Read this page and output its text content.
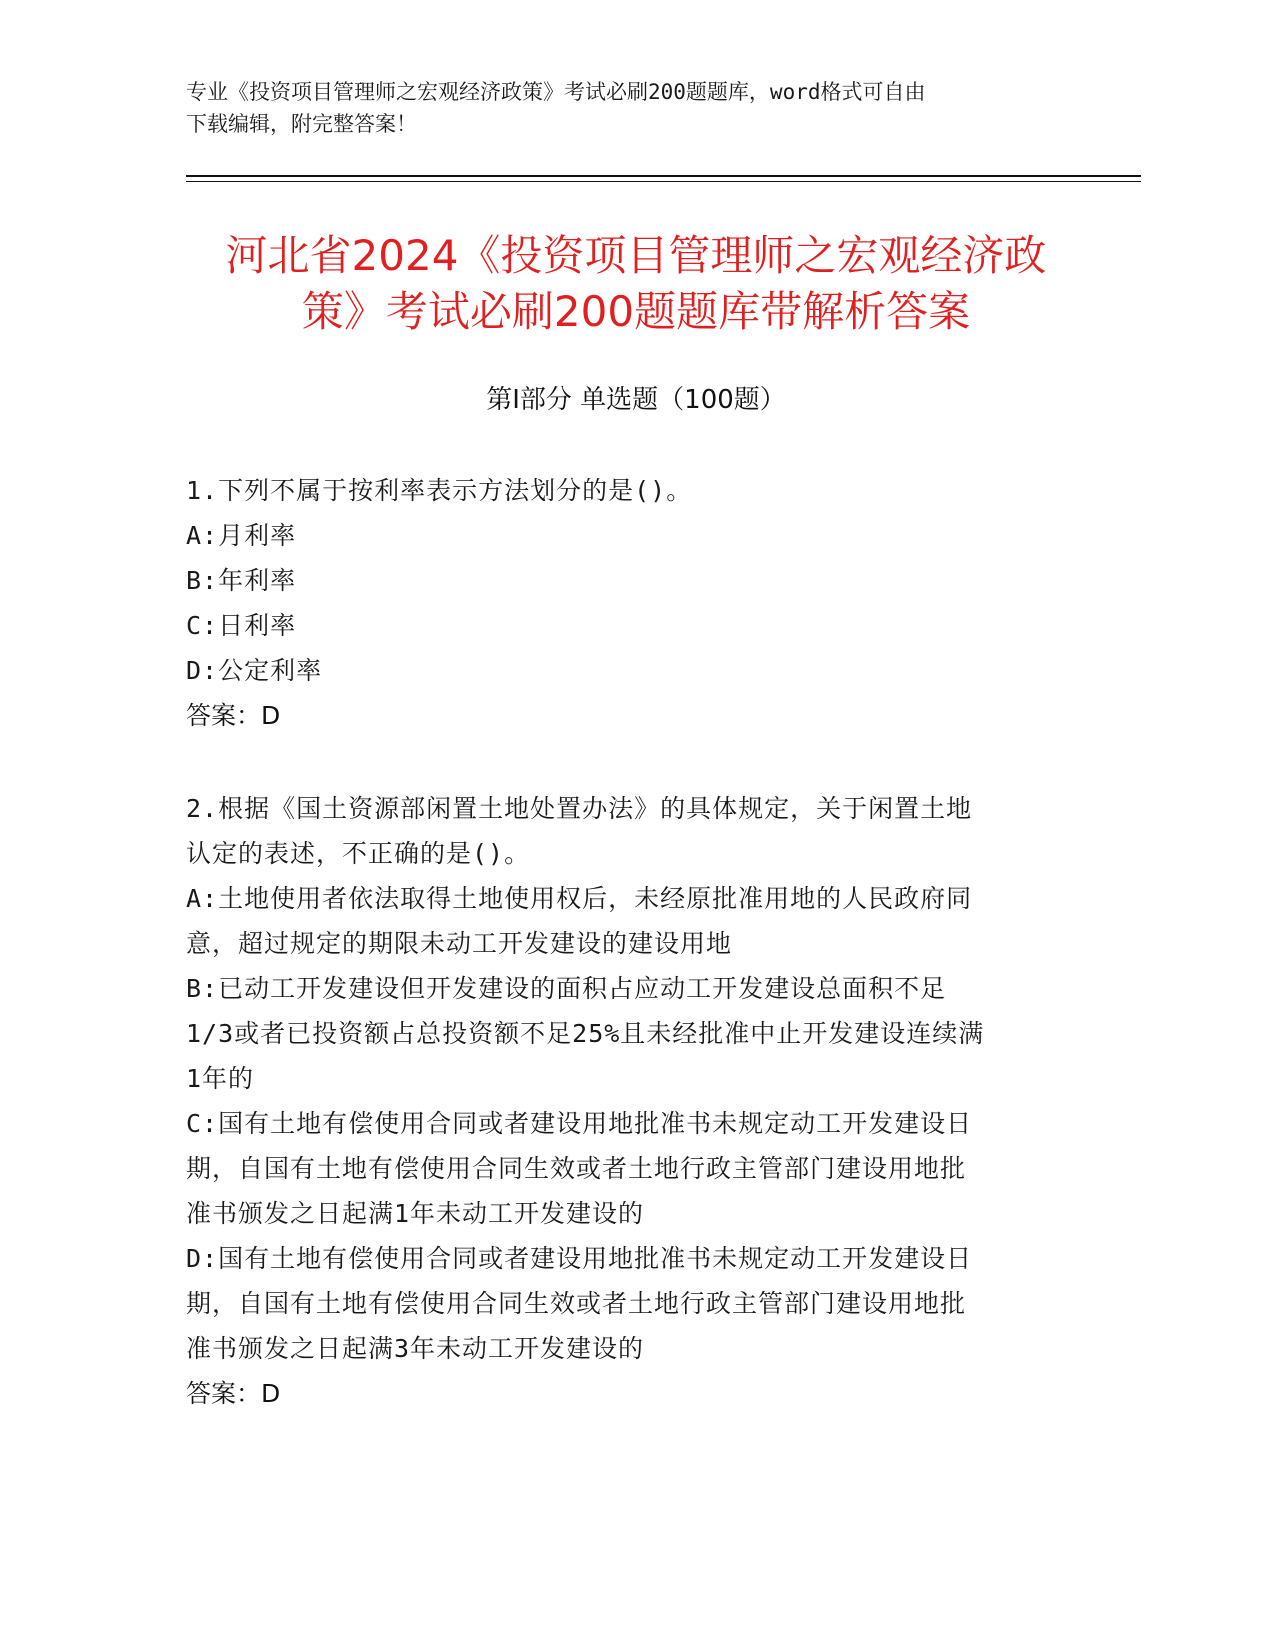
专业《投资项目管理师之宏观经济政策》考试必刷200题题库，word格式可自由
下载编辑，附完整答案！
河北省2024《投资项目管理师之宏观经济政
策》考试必刷200题题库带解析答案
第I部分 单选题（100题）
1.下列不属于按利率表示方法划分的是()。
A:月利率
B:年利率
C:日利率
D:公定利率
答案：D
2.根据《国土资源部闲置土地处置办法》的具体规定，关于闲置土地
认定的表述，不正确的是()。
A:土地使用者依法取得土地使用权后，未经原批准用地的人民政府同
意，超过规定的期限未动工开发建设的建设用地
B:已动工开发建设但开发建设的面积占应动工开发建设总面积不足
1/3或者已投资额占总投资额不足25%且未经批准中止开发建设连续满
1年的
C:国有土地有偿使用合同或者建设用地批准书未规定动工开发建设日
期，自国有土地有偿使用合同生效或者土地行政主管部门建设用地批
准书颁发之日起满1年未动工开发建设的
D:国有土地有偿使用合同或者建设用地批准书未规定动工开发建设日
期，自国有土地有偿使用合同生效或者土地行政主管部门建设用地批
准书颁发之日起满3年未动工开发建设的
答案：D
